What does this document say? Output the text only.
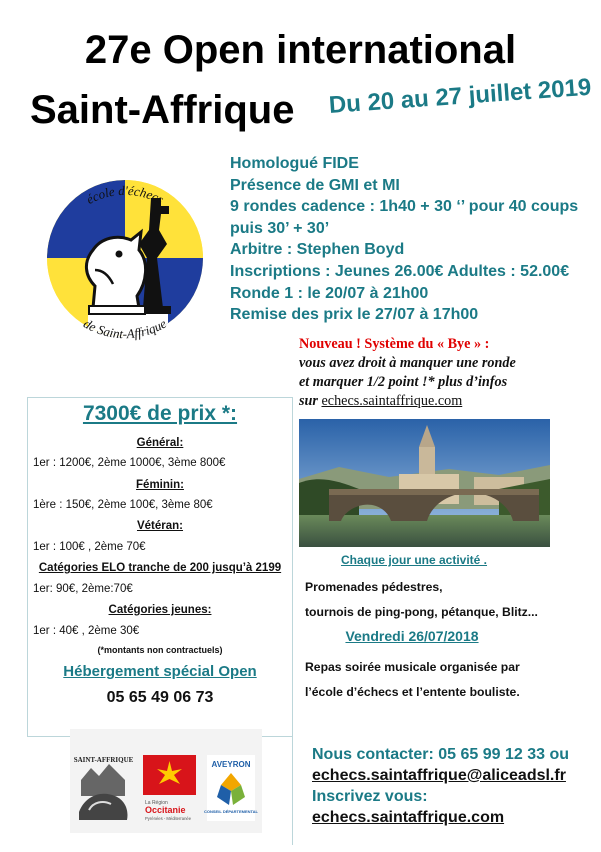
27e Open international
Saint-Affrique Du 20 au 27 juillet 2019
école d'échecs
de Saint-Affrique
Homologué FIDE
Présence de GMI et MI
9 rondes cadence : 1h40 + 30 ‘’ pour 40 coups
puis 30’ + 30’
Arbitre : Stephen Boyd
Inscriptions : Jeunes 26.00€ Adultes : 52.00€
Ronde 1 : le 20/07 à 21h00
Remise des prix le 27/07 à 17h00
Nouveau ! Système du « Bye » :
vous avez droit à manquer une ronde
et marquer 1/2 point !* plus d’infos
sur echecs.saintaffrique.com
7300€ de prix *:
Général:
1er : 1200€, 2ème 1000€, 3ème 800€
Féminin:
1ère : 150€, 2ème 100€, 3ème 80€
Vétéran:
1er : 100€ , 2ème 70€
Catégories ELO tranche de 200 jusqu’à 2199
1er: 90€, 2ème:70€
Catégories jeunes:
1er : 40€ , 2ème 30€
(*montants non contractuels)
Hébergement spécial Open
05 65 49 06 73
Chaque jour une activité .
Promenades pédestres,
tournois de ping-pong, pétanque, Blitz...
Vendredi 26/07/2018
Repas soirée musicale organisée par
l’école d’échecs et l’entente bouliste.
Nous contacter: 05 65 99 12 33 ou
echecs.saintaffrique@aliceadsl.fr
Inscrivez vous:
echecs.saintaffrique.com
SAINT-AFFRIQUE
La Région
Occitanie
Pyrénées - Méditerranée
AVEYRON
CONSEIL DÉPARTEMENTAL
